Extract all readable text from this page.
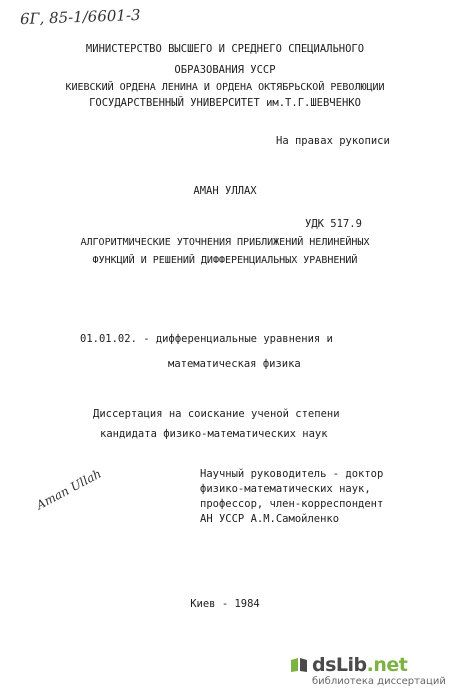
6Г, 85-1/6601-3
МИНИСТЕРСТВО ВЫСШЕГО И СРЕДНЕГО СПЕЦИАЛЬНОГО
ОБРАЗОВАНИЯ УССР
КИЕВСКИЙ ОРДЕНА ЛЕНИНА И ОРДЕНА ОКТЯБРЬСКОЙ РЕВОЛЮЦИИ
ГОСУДАРСТВЕННЫЙ УНИВЕРСИТЕТ им.Т.Г.ШЕВЧЕНКО
На правах рукописи
АМАН УЛЛАХ
УДК 517.9
АЛГОРИТМИЧЕСКИЕ УТОЧНЕНИЯ ПРИБЛИЖЕНИЙ НЕЛИНЕЙНЫХ
ФУНКЦИЙ И РЕШЕНИЙ ДИФФЕРЕНЦИАЛЬНЫХ УРАВНЕНИЙ
01.01.02. - дифференциальные уравнения и
математическая физика
Диссертация на соискание ученой степени
кандидата физико-математических наук
Научный руководитель - доктор
физико-математических наук,
профессор, член-корреспондент
АН УССР А.М.Самойленко
Aman Ullah
Киев - 1984
dsLib.net
библиотека диссертаций
